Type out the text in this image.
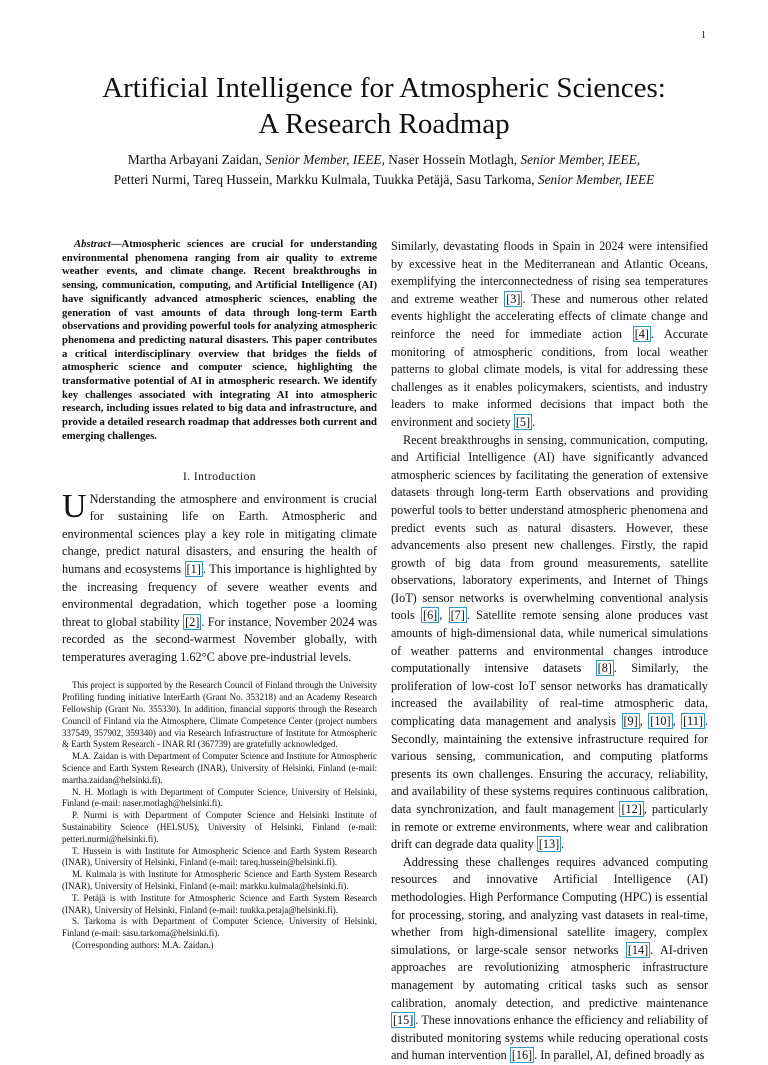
1
Artificial Intelligence for Atmospheric Sciences:
A Research Roadmap
Martha Arbayani Zaidan, Senior Member, IEEE, Naser Hossein Motlagh, Senior Member, IEEE,
Petteri Nurmi, Tareq Hussein, Markku Kulmala, Tuukka Petäjä, Sasu Tarkoma, Senior Member, IEEE

Abstract—Atmospheric sciences are crucial for understanding environmental phenomena ranging from air quality to extreme weather events, and climate change. Recent breakthroughs in sensing, communication, computing, and Artificial Intelligence (AI) have significantly advanced atmospheric sciences, enabling the generation of vast amounts of data through long-term Earth observations and providing powerful tools for analyzing atmospheric phenomena and predicting natural disasters. This paper contributes a critical interdisciplinary overview that bridges the fields of atmospheric science and computer science, highlighting the transformative potential of AI in atmospheric research. We identify key challenges associated with integrating AI into atmospheric research, including issues related to big data and infrastructure, and provide a detailed research roadmap that addresses both current and emerging challenges.

I. Introduction

U Nderstanding the atmosphere and environment is crucial for sustaining life on Earth. Atmospheric and environmental sciences play a key role in mitigating climate change, predict natural disasters, and ensuring the health of humans and ecosystems [1] . This importance is highlighted by the increasing frequency of severe weather events and environmental degradation, which together pose a looming threat to global stability [2] . For instance, November 2024 was recorded as the second-warmest November globally, with temperatures averaging 1.62°C above pre-industrial levels.

This project is supported by the Research Council of Finland through the University Profiling funding initiative InterEarth (Grant No. 353218) and an Academy Research Fellowship (Grant No. 355330). In addition, financial supports through the Research Council of Finland via the Atmosphere, Climate Competence Center (project numbers 337549, 357902, 359340) and via Research Infrastructure of Institute for Atmospheric & Earth System Research - INAR RI (367739) are gratefully acknowledged.

M.A. Zaidan is with Department of Computer Science and Institute for Atmospheric Science and Earth System Research (INAR), University of Helsinki, Finland (e-mail: martha.zaidan@helsinki.fi).

N. H. Motlagh is with Department of Computer Science, University of Helsinki, Finland (e-mail: naser.motlagh@helsinki.fi).

P. Nurmi is with Department of Computer Science and Helsinki Institute of Sustainability Science (HELSUS), University of Helsinki, Finland (e-mail: petteri.nurmi@helsinki.fi).

T. Hussein is with Institute for Atmospheric Science and Earth System Research (INAR), University of Helsinki, Finland (e-mail: tareq.hussein@helsinki.fi).

M. Kulmala is with Institute for Atmospheric Science and Earth System Research (INAR), University of Helsinki, Finland (e-mail: markku.kulmala@helsinki.fi).

T. Petäjä is with Institute for Atmospheric Science and Earth System Research (INAR), University of Helsinki, Finland (e-mail: tuukka.petaja@helsinki.fi).

S. Tarkoma is with Department of Computer Science, University of Helsinki, Finland (e-mail: sasu.tarkoma@helsinki.fi).

(Corresponding authors: M.A. Zaidan.)

Similarly, devastating floods in Spain in 2024 were intensified by excessive heat in the Mediterranean and Atlantic Oceans, exemplifying the interconnectedness of rising sea temperatures and extreme weather [3] . These and numerous other related events highlight the accelerating effects of climate change and reinforce the need for immediate action [4] . Accurate monitoring of atmospheric conditions, from local weather patterns to global climate models, is vital for addressing these challenges as it enables policymakers, scientists, and industry leaders to make informed decisions that impact both the environment and society [5] .

Recent breakthroughs in sensing, communication, computing, and Artificial Intelligence (AI) have significantly advanced atmospheric sciences by facilitating the generation of extensive datasets through long-term Earth observations and providing powerful tools to better understand atmospheric phenomena and predict events such as natural disasters. However, these advancements also present new challenges. Firstly, the rapid growth of big data from ground measurements, satellite observations, laboratory experiments, and Internet of Things (IoT) sensor networks is overwhelming conventional analysis tools [6] , [7] . Satellite remote sensing alone produces vast amounts of high-dimensional data, while numerical simulations of weather patterns and environmental changes introduce computationally intensive datasets [8] . Similarly, the proliferation of low-cost IoT sensor networks has dramatically increased the availability of real-time atmospheric data, complicating data management and analysis [9] , [10] , [11] . Secondly, maintaining the extensive infrastructure required for various sensing, communication, and computing platforms presents its own challenges. Ensuring the accuracy, reliability, and availability of these systems requires continuous calibration, data synchronization, and fault management [12] , particularly in remote or extreme environments, where wear and calibration drift can degrade data quality [13] .

Addressing these challenges requires advanced computing resources and innovative Artificial Intelligence (AI) methodologies. High Performance Computing (HPC) is essential for processing, storing, and analyzing vast datasets in real-time, whether from high-dimensional satellite imagery, complex simulations, or large-scale sensor networks [14] . AI-driven approaches are revolutionizing atmospheric infrastructure management by automating critical tasks such as sensor calibration, anomaly detection, and predictive maintenance [15] . These innovations enhance the efficiency and reliability of distributed monitoring systems while reducing operational costs and human intervention [16] . In parallel, AI, defined broadly as
